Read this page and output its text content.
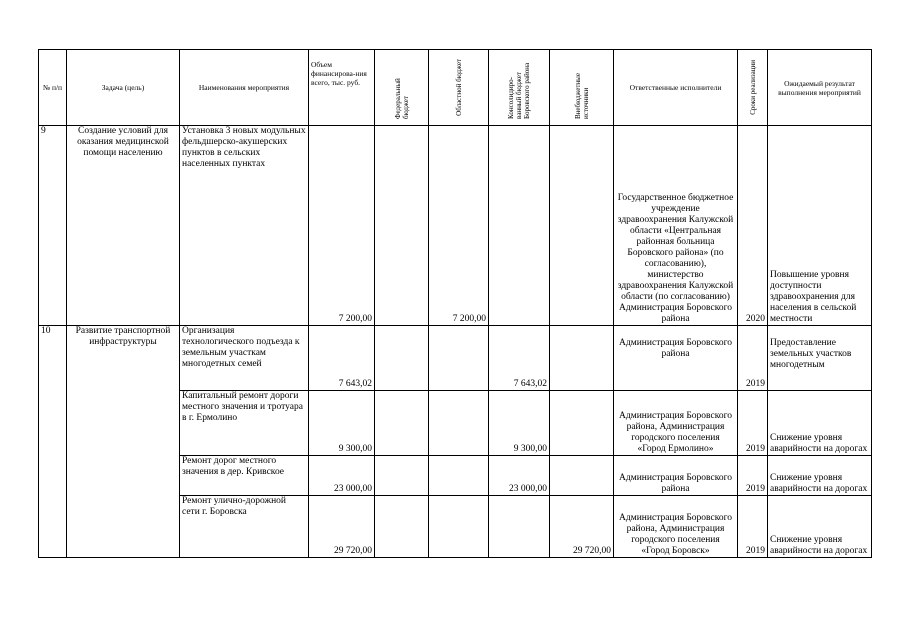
№ п/п	Задача (цель)	Наименования мероприятия	Объем финансирова-ния всего, тыс. руб.	Федеральный бюджет	Областной бюджет	Консолидиро-ванный бюджет Боровского района	Внебюджетные источники	Ответственные исполнители	Сроки реализации	Ожидаемый результат выполнения мероприятий
9	Создание условий для оказания медицинской помощи населению	Установка 3 новых модульных фельдшерско-акушерских пунктов в сельских населенных пунктах	7 200,00		7 200,00			Государственное бюджетное учреждение здравоохранения Калужской области «Центральная районная больница Боровского района» (по согласованию), министерство здравоохранения Калужской области (по согласованию) Администрация Боровского района	2020	Повышение уровня доступности здравоохранения для населения в сельской местности
10	Развитие транспортной инфраструктуры	Организация технологического подъезда к земельным участкам многодетных семей	7 643,02			7 643,02		Администрация Боровского района	2019	Предоставление земельных участков многодетным
		Капитальный ремонт дороги местного значения и тротуара в г. Ермолино	9 300,00			9 300,00		Администрация Боровского района, Администрация городского поселения «Город Ермолино»	2019	Снижение уровня аварийности на дорогах
		Ремонт дорог местного значения в дер. Кривское	23 000,00			23 000,00		Администрация Боровского района	2019	Снижение уровня аварийности на дорогах
		Ремонт улично-дорожной сети г. Боровска	29 720,00				29 720,00	Администрация Боровского района, Администрация городского поселения «Город Боровск»	2019	Снижение уровня аварийности на дорогах
